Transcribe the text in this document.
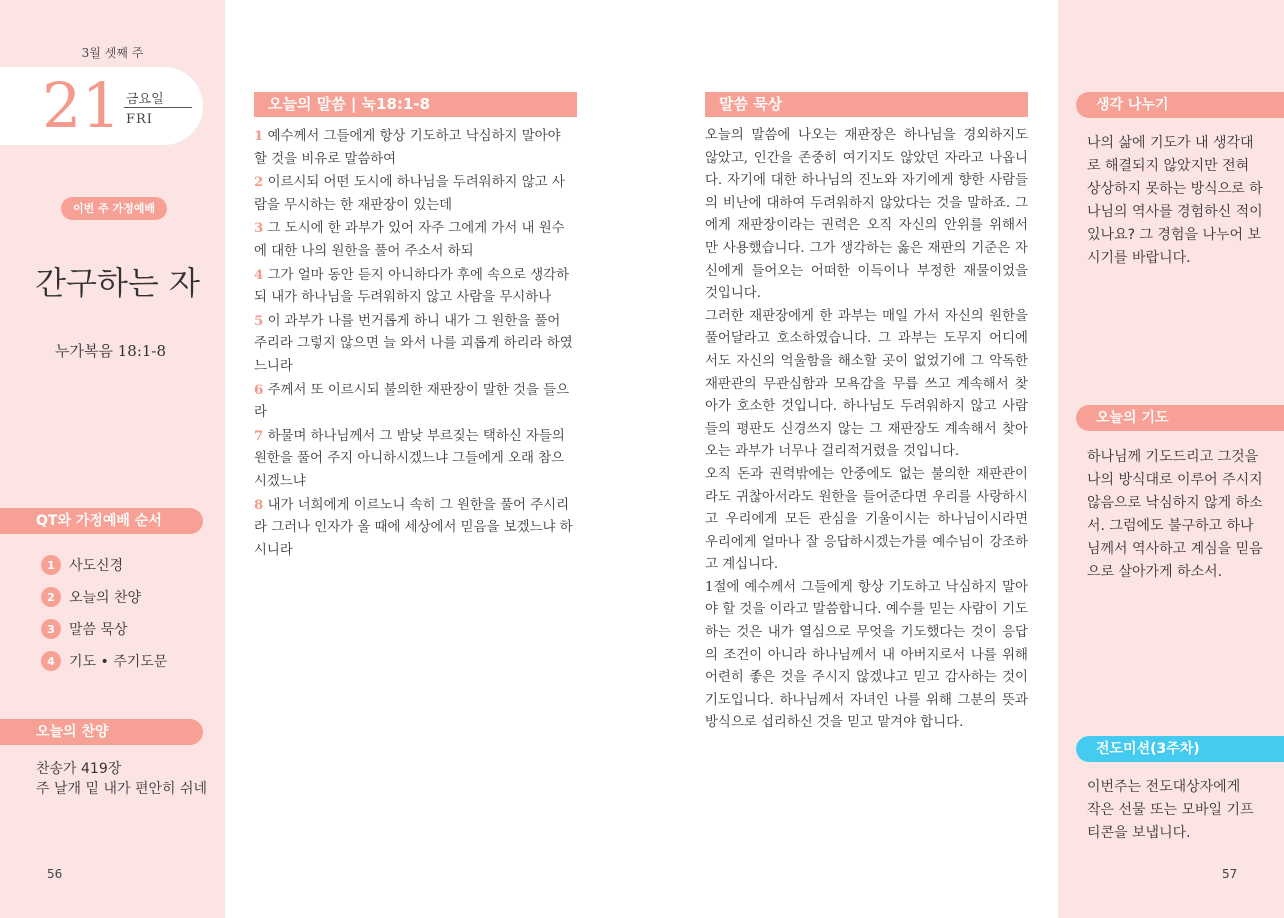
3월 셋째 주
21 금요일
FRI
이번 주 가정예배
간구하는 자
누가복음 18:1-8
QT와 가정예배 순서
1	사도신경
2	오늘의 찬양
3	말씀 묵상
4	기도 • 주기도문
오늘의 찬양
찬송가 419장
주 날개 밑 내가 편안히 쉬네
56
오늘의 말씀 | 눅18:1-8
1 예수께서 그들에게 항상 기도하고 낙심하지 말아야 할 것을 비유로 말씀하여
2 이르시되 어떤 도시에 하나님을 두려워하지 않고 사람을 무시하는 한 재판장이 있는데
3 그 도시에 한 과부가 있어 자주 그에게 가서 내 원수에 대한 나의 원한을 풀어 주소서 하되
4 그가 얼마 동안 듣지 아니하다가 후에 속으로 생각하되 내가 하나님을 두려워하지 않고 사람을 무시하나
5 이 과부가 나를 번거롭게 하니 내가 그 원한을 풀어 주리라 그렇지 않으면 늘 와서 나를 괴롭게 하리라 하였느니라
6 주께서 또 이르시되 불의한 재판장이 말한 것을 들으라
7 하물며 하나님께서 그 밤낮 부르짖는 택하신 자들의 원한을 풀어 주지 아니하시겠느냐 그들에게 오래 참으시겠느냐
8 내가 너희에게 이르노니 속히 그 원한을 풀어 주시리라 그러나 인자가 올 때에 세상에서 믿음을 보겠느냐 하시니라
말씀 묵상

오늘의 말씀에 나오는 재판장은 하나님을 경외하지도 않았고, 인간을 존중히 여기지도 않았던 자라고 나옵니다. 자기에 대한 하나님의 진노와 자기에게 향한 사람들의 비난에 대하여 두려워하지 않았다는 것을 말하죠. 그에게 재판장이라는 권력은 오직 자신의 안위를 위해서만 사용했습니다. 그가 생각하는 옳은 재판의 기준은 자신에게 들어오는 어떠한 이득이나 부정한 재물이었을 것입니다.

그러한 재판장에게 한 과부는 매일 가서 자신의 원한을 풀어달라고 호소하였습니다. 그 과부는 도무지 어디에서도 자신의 억울함을 해소할 곳이 없었기에 그 악독한 재판관의 무관심함과 모욕감을 무릅 쓰고 계속해서 찾아가 호소한 것입니다. 하나님도 두려워하지 않고 사람들의 평판도 신경쓰지 않는 그 재판장도 계속해서 찾아오는 과부가 너무나 걸리적거렸을 것입니다.

오직 돈과 권력밖에는 안중에도 없는 불의한 재판관이라도 귀찮아서라도 원한을 들어준다면 우리를 사랑하시고 우리에게 모든 관심을 기울이시는 하나님이시라면 우리에게 얼마나 잘 응답하시겠는가를 예수님이 강조하고 계십니다.

1절에 예수께서 그들에게 항상 기도하고 낙심하지 말아야 할 것을 이라고 말씀합니다. 예수를 믿는 사람이 기도하는 것은 내가 열심으로 무엇을 기도했다는 것이 응답의 조건이 아니라 하나님께서 내 아버지로서 나를 위해 어련히 좋은 것을 주시지 않겠냐고 믿고 감사하는 것이 기도입니다. 하나님께서 자녀인 나를 위해 그분의 뜻과 방식으로 섭리하신 것을 믿고 맡겨야 합니다.

생각 나누기
나의 삶에 기도가 내 생각대로 해결되지 않았지만 전혀 상상하지 못하는 방식으로 하나님의 역사를 경험하신 적이 있나요? 그 경험을 나누어 보시기를 바랍니다.
오늘의 기도
하나님께 기도드리고 그것을 나의 방식대로 이루어 주시지 않음으로 낙심하지 않게 하소서. 그럼에도 불구하고 하나님께서 역사하고 계심을 믿음으로 살아가게 하소서.
전도미션(3주차)
이번주는 전도대상자에게 작은 선물 또는 모바일 기프티콘을 보냅니다.
57
